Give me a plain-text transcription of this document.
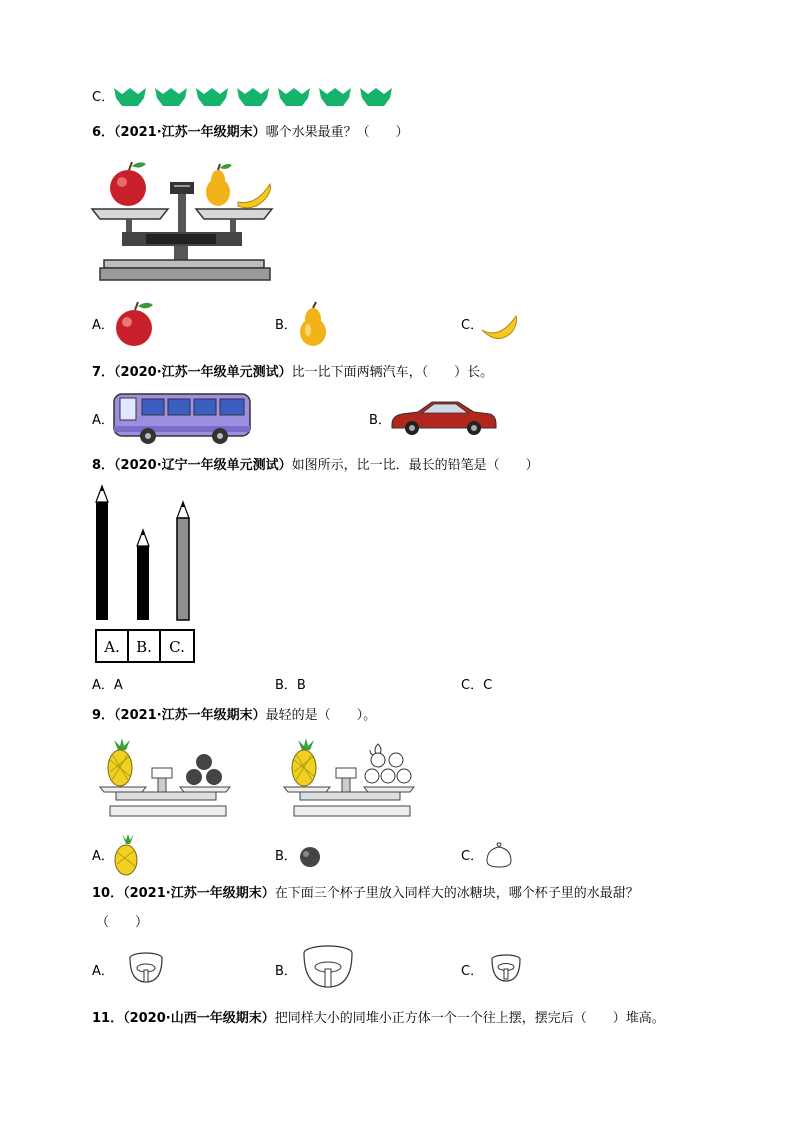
C．
6．（2021·江苏一年级期末）哪个水果最重？（　　）
A．	B．	C．
7．（2020·江苏一年级单元测试）比一比下面两辆汽车，（　　）长。
A．	B．
8．（2020·辽宁一年级单元测试）如图所示，比一比．最长的铅笔是（　　）
A. B. C.
A．A	B．B	C．C
9．（2021·江苏一年级期末）最轻的是（　　）。
A．	B．	C．
10．（2021·江苏一年级期末）在下面三个杯子里放入同样大的冰糖块，哪个杯子里的水最甜？
（　　）
A．	B．	C．
11．（2020·山西一年级期末）把同样大小的同堆小正方体一个一个往上摆，摆完后（　　）堆高。
